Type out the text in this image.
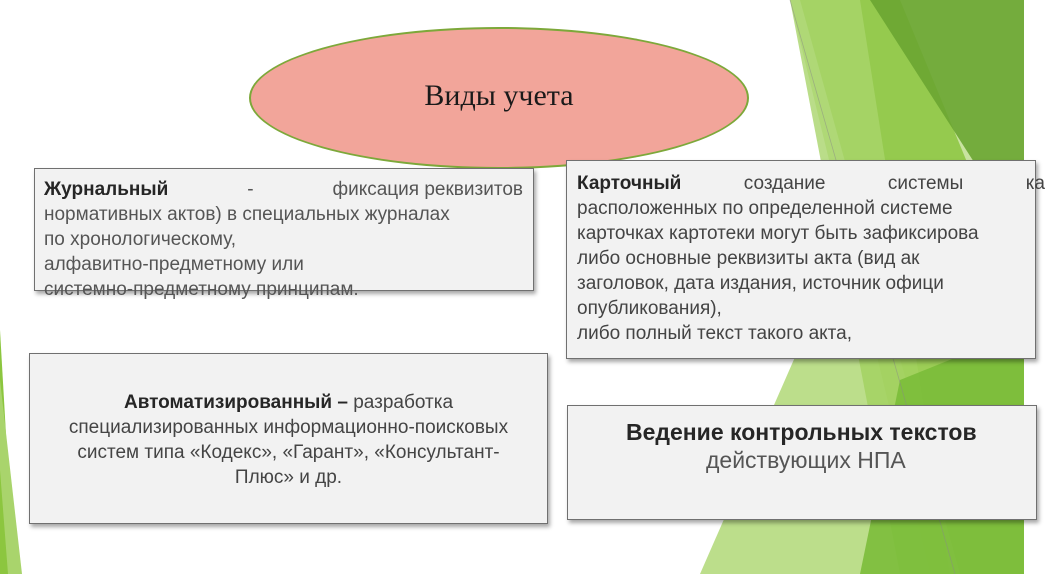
Виды учета
Журнальный	-	фиксация реквизитов
нормативных актов) в специальных журналах
по хронологическому,
алфавитно-предметному или
системно-предметному принципам.
Карточный	создание	системы	ка
расположенных по определенной системе
карточках картотеки могут быть зафиксирова
либо основные реквизиты акта (вид ак
заголовок, дата издания, источник офици
опубликования),
либо полный текст такого акта,
Автоматизированный – разработка
специализированных информационно-поисковых
систем типа «Кодекс», «Гарант», «Консультант-
Плюс» и др.
Ведение контрольных текстов
действующих НПА
